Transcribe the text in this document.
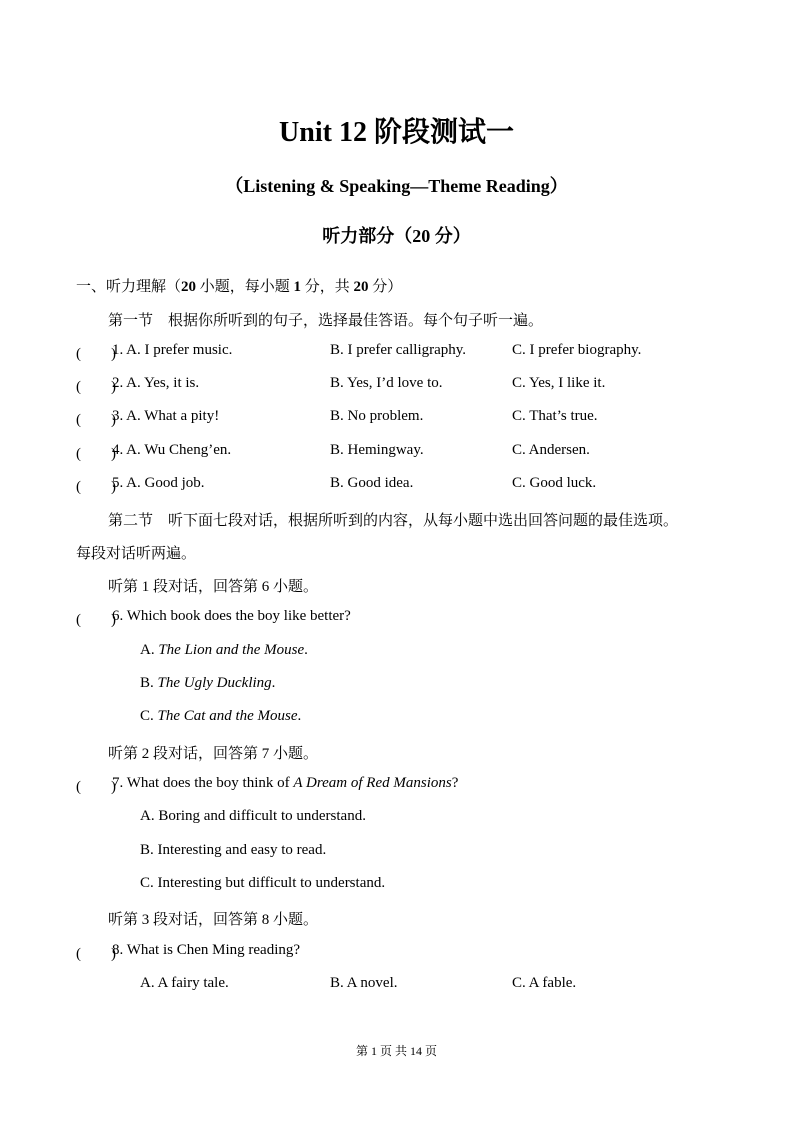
Unit 12 阶段测试一
（Listening & Speaking—Theme Reading）
听力部分（20 分）
一、听力理解（20 小题，每小题 1 分，共 20 分）
第一节　根据你所听到的句子，选择最佳答语。每个句子听一遍。
(　　)
1. A. I prefer music.	B. I prefer calligraphy.	C. I prefer biography.
(　　)
2. A. Yes, it is.	B. Yes, I’d love to.	C. Yes, I like it.
(　　)
3. A. What a pity!	B. No problem.	C. That’s true.
(　　)
4. A. Wu Cheng’en.	B. Hemingway.	C. Andersen.
(　　)
5. A. Good job.	B. Good idea.	C. Good luck.
第二节　听下面七段对话，根据所听到的内容，从每小题中选出回答问题的最佳选项。
每段对话听两遍。
听第 1 段对话，回答第 6 小题。
(　　)
6. Which book does the boy like better?
A. The Lion and the Mouse.
B. The Ugly Duckling.
C. The Cat and the Mouse.
听第 2 段对话，回答第 7 小题。
(　　)
7. What does the boy think of A Dream of Red Mansions?
A. Boring and difficult to understand.
B. Interesting and easy to read.
C. Interesting but difficult to understand.
听第 3 段对话，回答第 8 小题。
(　　)
8. What is Chen Ming reading?
A. A fairy tale.	B. A novel.	C. A fable.
第 1 页 共 14 页
